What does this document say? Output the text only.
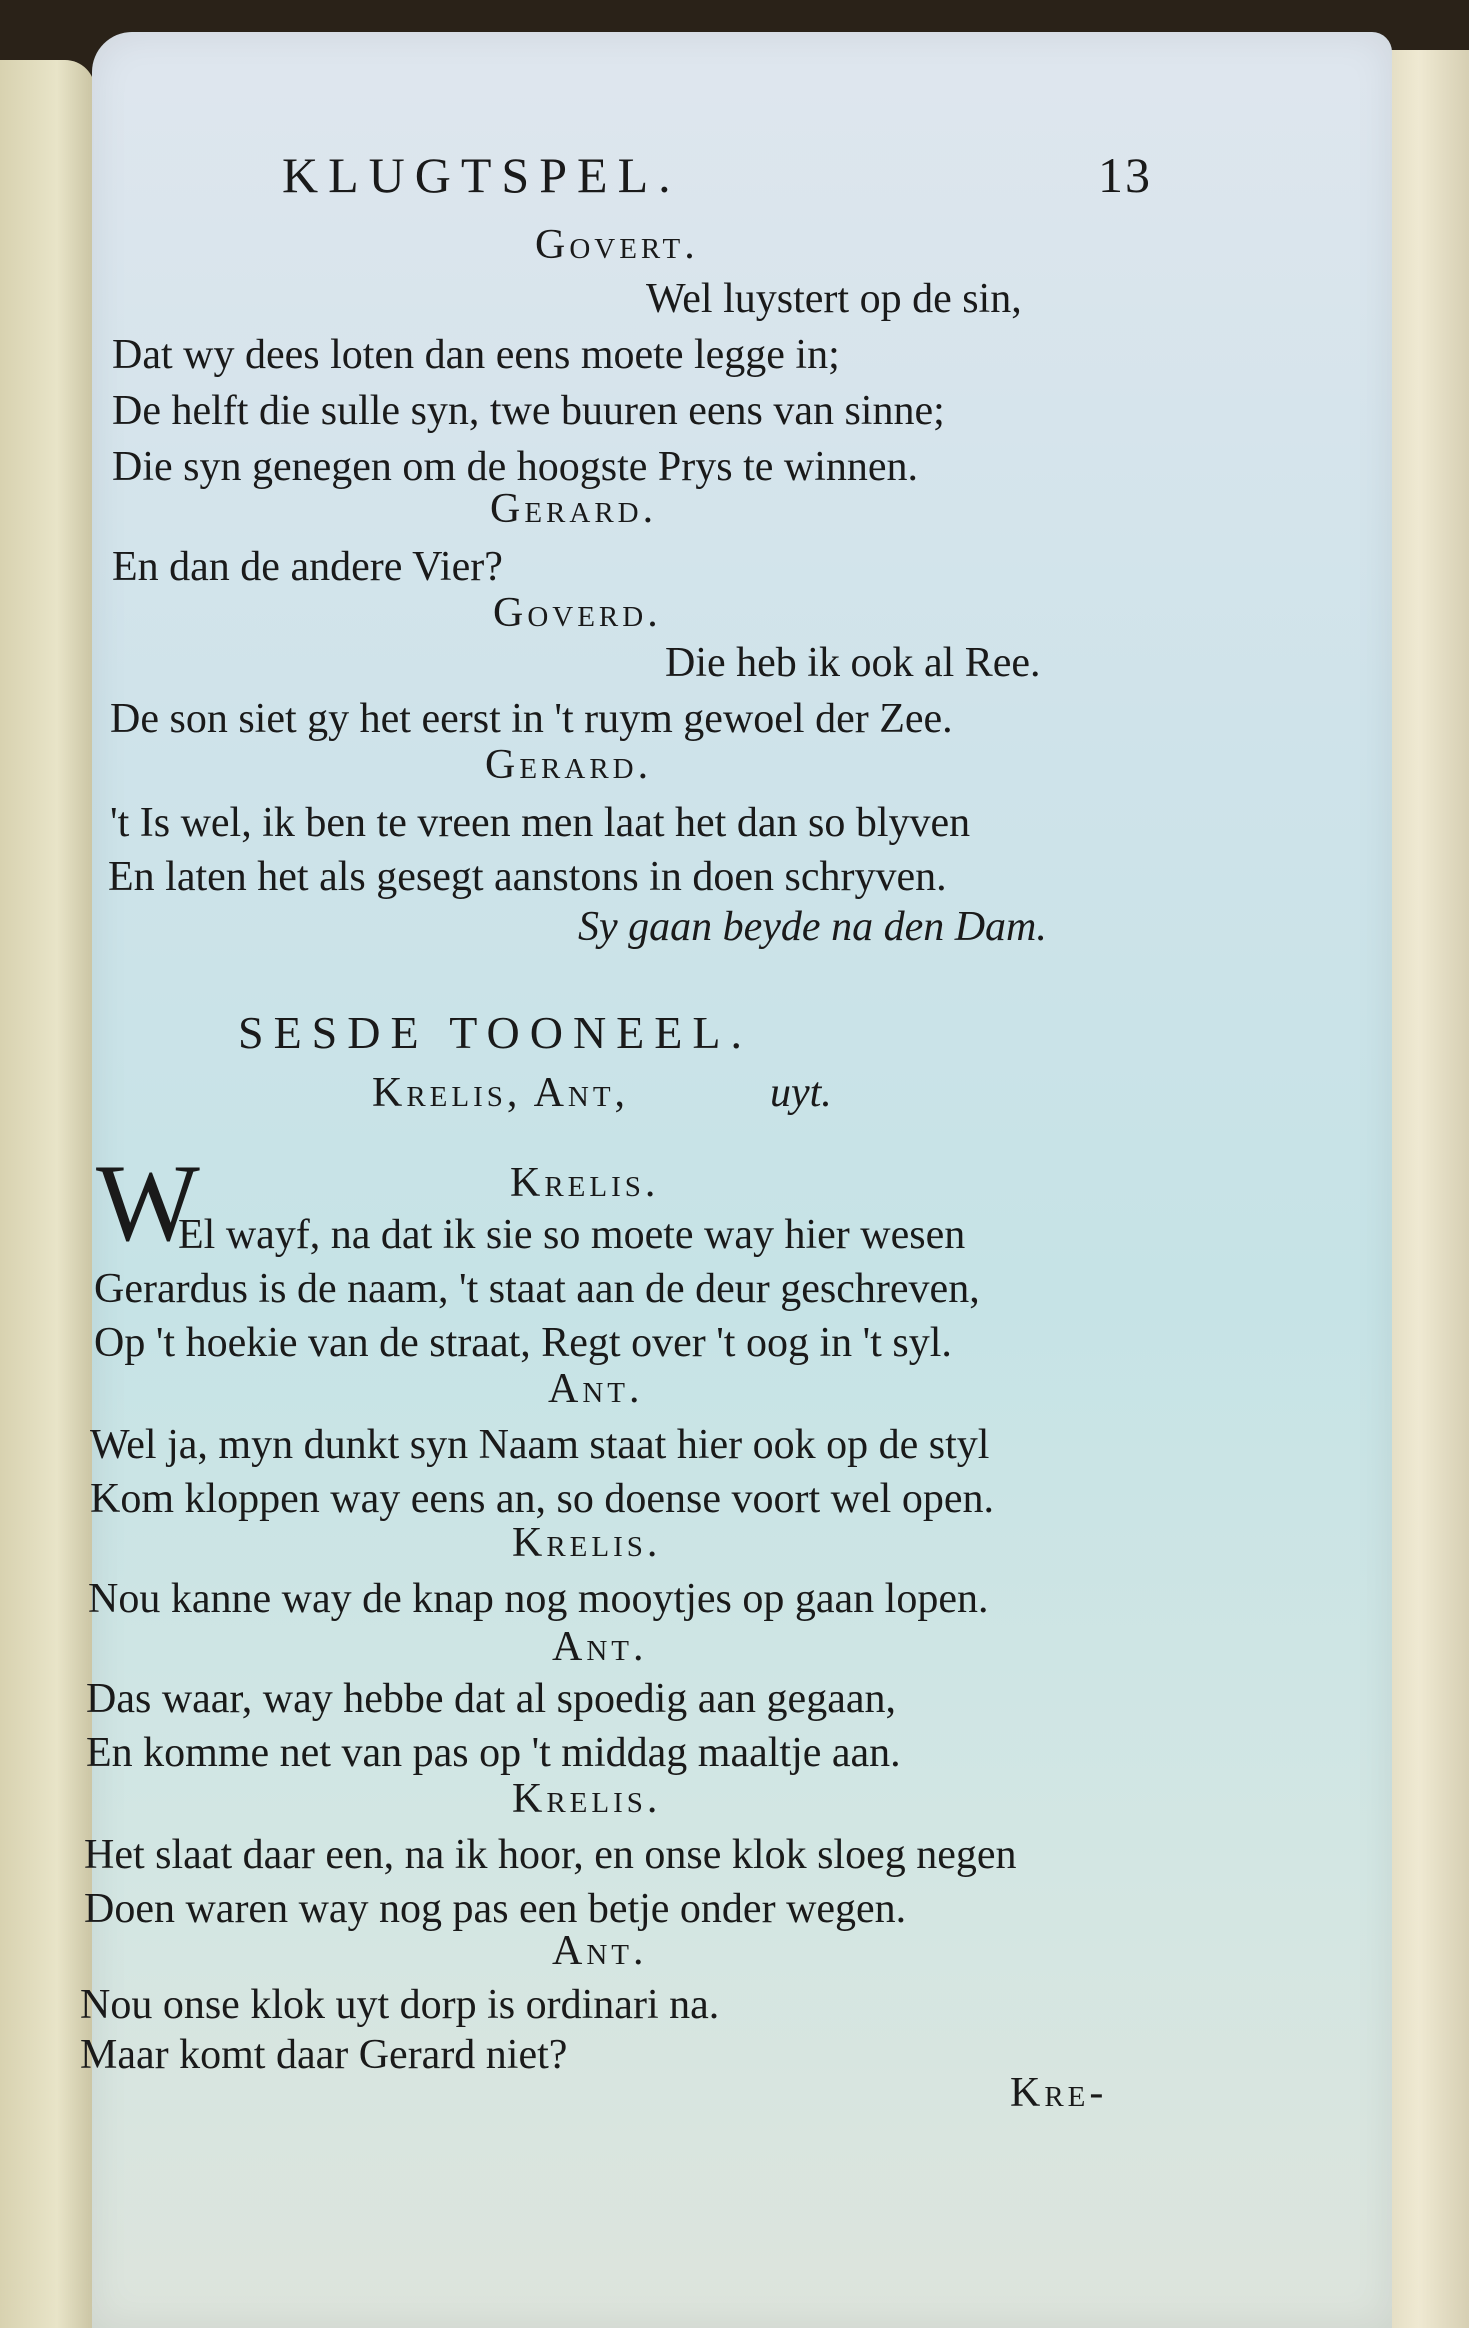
KLUGTSPEL.	13
Govert.
Wel luystert op de sin,
Dat wy dees loten dan eens moete legge in;
De helft die sulle syn, twe buuren eens van sinne;
Die syn genegen om de hoogste Prys te winnen.
Gerard.
En dan de andere Vier?
Goverd.
Die heb ik ook al Ree.
De son siet gy het eerst in 't ruym gewoel der Zee.
Gerard.
't Is wel, ik ben te vreen men laat het dan so blyven
En laten het als gesegt aanstons in doen schryven.
Sy gaan beyde na den Dam.
SESDE TOONEEL.
Krelis, Ant,	uyt.
W	Krelis.
El wayf, na dat ik sie so moete way hier wesen
Gerardus is de naam, 't staat aan de deur geschreven,
Op 't hoekie van de straat, Regt over 't oog in 't syl.
Ant.
Wel ja, myn dunkt syn Naam staat hier ook op de styl
Kom kloppen way eens an, so doense voort wel open.
Krelis.
Nou kanne way de knap nog mooytjes op gaan lopen.
Ant.
Das waar, way hebbe dat al spoedig aan gegaan,
En komme net van pas op 't middag maaltje aan.
Krelis.
Het slaat daar een, na ik hoor, en onse klok sloeg negen
Doen waren way nog pas een betje onder wegen.
Ant.
Nou onse klok uyt dorp is ordinari na.
Maar komt daar Gerard niet?
Kre-
